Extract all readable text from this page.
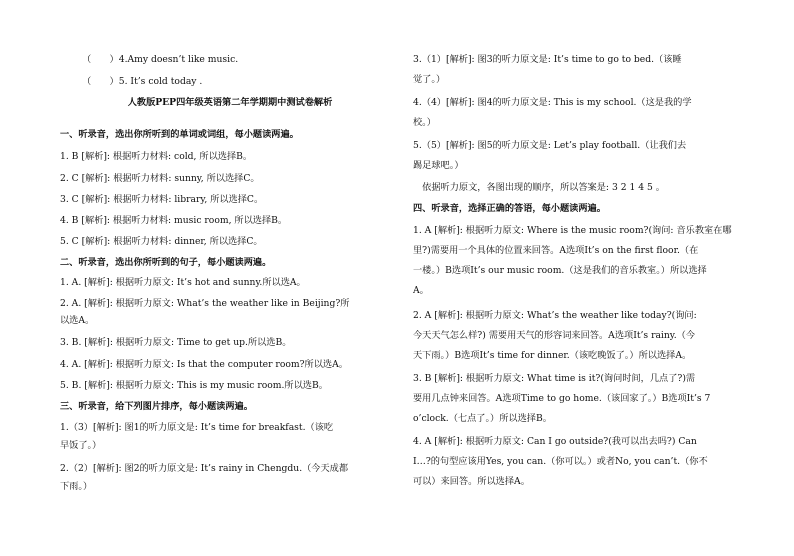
（　　）4.Amy doesn’t like music.
（　　）5. It’s cold today .
人教版PEP四年级英语第二年学期期中测试卷解析
一、听录音，选出你所听到的单词或词组，每小题读两遍。
1. B [解析]: 根据听力材料: cold, 所以选择B。
2. C [解析]: 根据听力材料: sunny, 所以选择C。
3. C [解析]: 根据听力材料: library, 所以选择C。
4. B [解析]: 根据听力材料: music room, 所以选择B。
5. C [解析]: 根据听力材料: dinner, 所以选择C。
二、听录音，选出你所听到的句子，每小题读两遍。
1. A. [解析]: 根据听力原文: It’s hot and sunny.所以选A。
2. A. [解析]: 根据听力原文: What’s the weather like in Beijing?所
以选A。
3. B. [解析]: 根据听力原文: Time to get up.所以选B。
4. A. [解析]: 根据听力原文: Is that the computer room?所以选A。
5. B. [解析]: 根据听力原文: This is my music room.所以选B。
三、听录音，给下列图片排序，每小题读两遍。
1.（3）[解析]: 图1的听力原文是: It’s time for breakfast.（该吃
早饭了。）
2.（2）[解析]: 图2的听力原文是: It’s rainy in Chengdu.（今天成都
下雨。）
3.（1）[解析]: 图3的听力原文是: It’s time to go to bed.（该睡
觉了。）
4.（4）[解析]: 图4的听力原文是: This is my school.（这是我的学
校。）
5.（5）[解析]: 图5的听力原文是: Let’s play football.（让我们去
踢足球吧。）
　依据听力原文，各图出现的顺序，所以答案是: 3 2 1 4 5 。
四、听录音，选择正确的答语，每小题读两遍。
1. A [解析]: 根据听力原文: Where is the music room?(询问: 音乐教室在哪
里?)需要用一个具体的位置来回答。A选项It’s on the first floor.（在
一楼。）B选项It’s our music room.（这是我们的音乐教室。）所以选择
A。
2. A [解析]: 根据听力原文: What’s the weather like today?(询问:
今天天气怎么样?) 需要用天气的形容词来回答。A选项It’s rainy.（今
天下雨。）B选项It’s time for dinner.（该吃晚饭了。）所以选择A。
3. B [解析]: 根据听力原文: What time is it?(询问时间，几点了?)需
要用几点钟来回答。A选项Time to go home.（该回家了。）B选项It’s 7
o’clock.（七点了。）所以选择B。
4. A [解析]: 根据听力原文: Can I go outside?(我可以出去吗?) Can
I…?的句型应该用Yes, you can.（你可以。）或者No, you can’t.（你不
可以）来回答。所以选择A。
